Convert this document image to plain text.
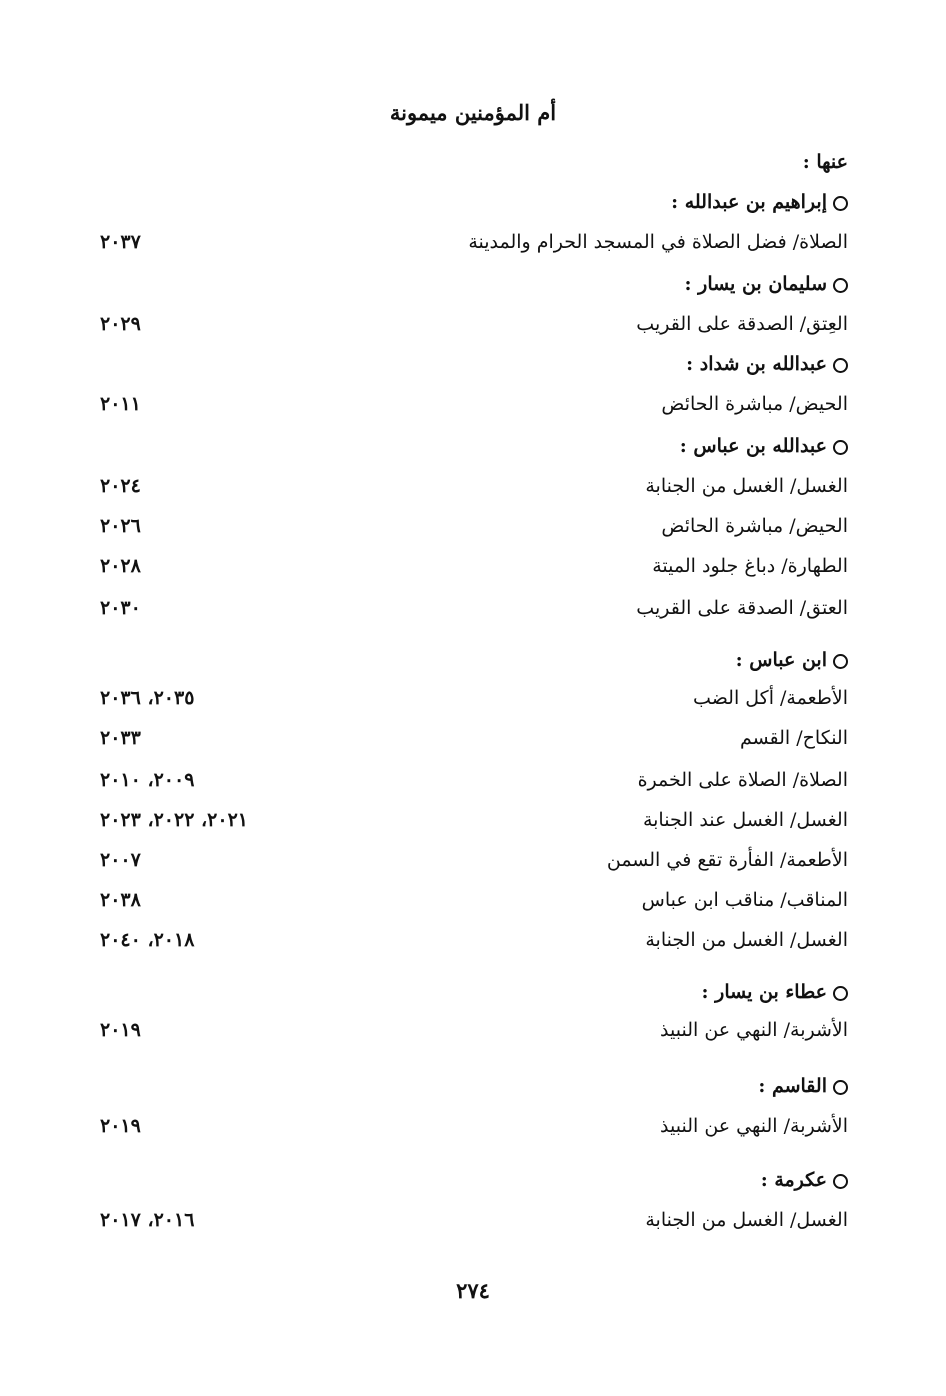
أم المؤمنين ميمونة
عنها :
إبراهيم بن عبدالله :
الصلاة/ فضل الصلاة في المسجد الحرام والمدينة
٢٠٣٧
سليمان بن يسار :
العِتق/ الصدقة على القريب
٢٠٢٩
عبدالله بن شداد :
الحيض/ مباشرة الحائض
٢٠١١
عبدالله بن عباس :
الغسل/ الغسل من الجنابة
٢٠٢٤
الحيض/ مباشرة الحائض
٢٠٢٦
الطهارة/ دباغ جلود الميتة
٢٠٢٨
العتق/ الصدقة على القريب
٢٠٣٠
ابن عباس :
الأطعمة/ أكل الضب
٢٠٣٥، ٢٠٣٦
النكاح/ القسم
٢٠٣٣
الصلاة/ الصلاة على الخمرة
٢٠٠٩، ٢٠١٠
الغسل/ الغسل عند الجنابة
٢٠٢١، ٢٠٢٢، ٢٠٢٣
الأطعمة/ الفأرة تقع في السمن
٢٠٠٧
المناقب/ مناقب ابن عباس
٢٠٣٨
الغسل/ الغسل من الجنابة
٢٠١٨، ٢٠٤٠
عطاء بن يسار :
الأشربة/ النهي عن النبيذ
٢٠١٩
القاسم :
الأشربة/ النهي عن النبيذ
٢٠١٩
عكرمة :
الغسل/ الغسل من الجنابة
٢٠١٦، ٢٠١٧
٢٧٤
